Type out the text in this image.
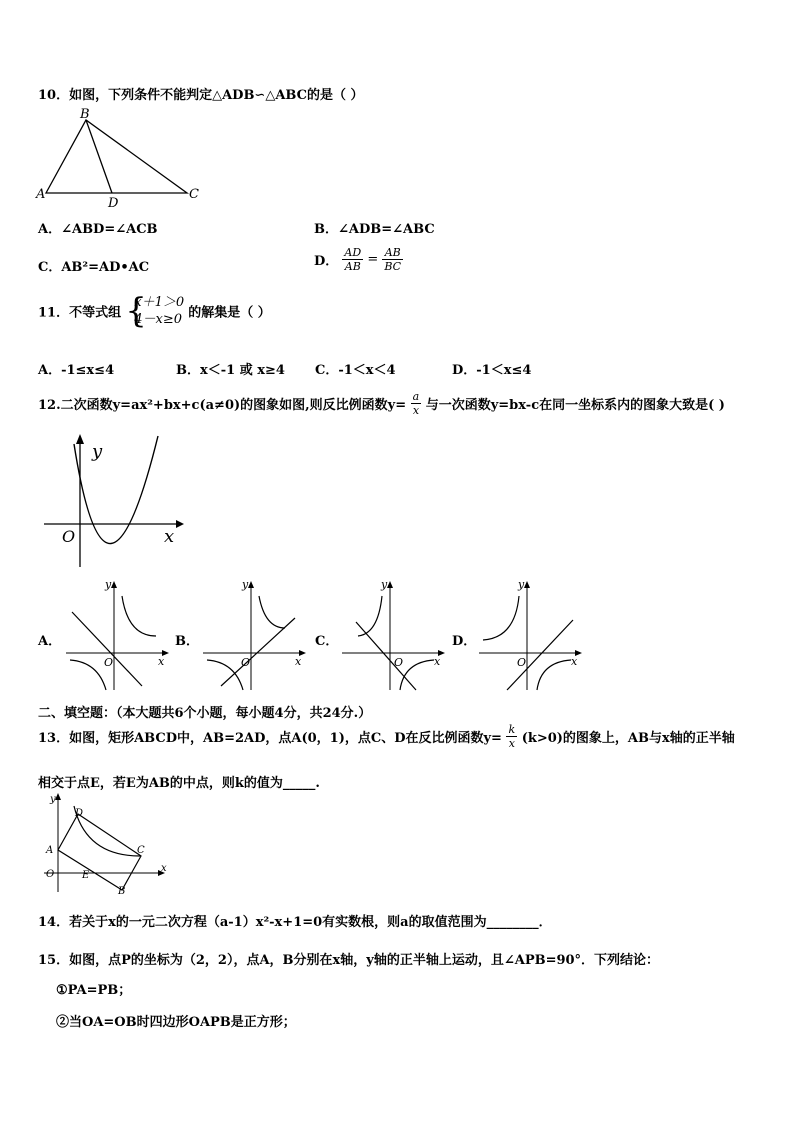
10．如图，下列条件不能判定△ADB∽△ABC的是（ ）
B
A
D
C
A．∠ABD=∠ACB	B．∠ADB=∠ABC
C．AB²=AD•AC	D． $\frac{AD}{AB} = \frac{AB}{BC}$
11．不等式组 {
x＋1＞0
4－x≥0 的解集是（ ）
A．-1≤x≤4	B．x＜-1 或 x≥4 C．-1＜x＜4	D．-1＜x≤4
12.二次函数y=ax²+bx+c(a≠0)的图象如图,则反比例函数$y= \frac{a}{x}$ 与一次函数y=bx-c在同一坐标系内的图象大致是( )
y
O	x
A．
y
O	x
B．
y
O	x
C．
y
O	x
D．
y
O	x
二、填空题：（本大题共6个小题，每小题4分，共24分.）
13．如图，矩形ABCD中，AB=2AD，点A(0，1)，点C、D在反比例函数$y= \frac{k}{x} (k>0)$的图象上，AB与x轴的正半轴
相交于点E，若E为AB的中点，则k的值为_____.
y
D
A	C
O	E
B
x
14．若关于x的一元二次方程（a-1）x²-x+1=0有实数根，则a的取值范围为________．
15．如图，点P的坐标为（2，2），点A，B分别在x轴，y轴的正半轴上运动，且∠APB=90°．下列结论：
①PA=PB；
②当OA=OB时四边形OAPB是正方形；
